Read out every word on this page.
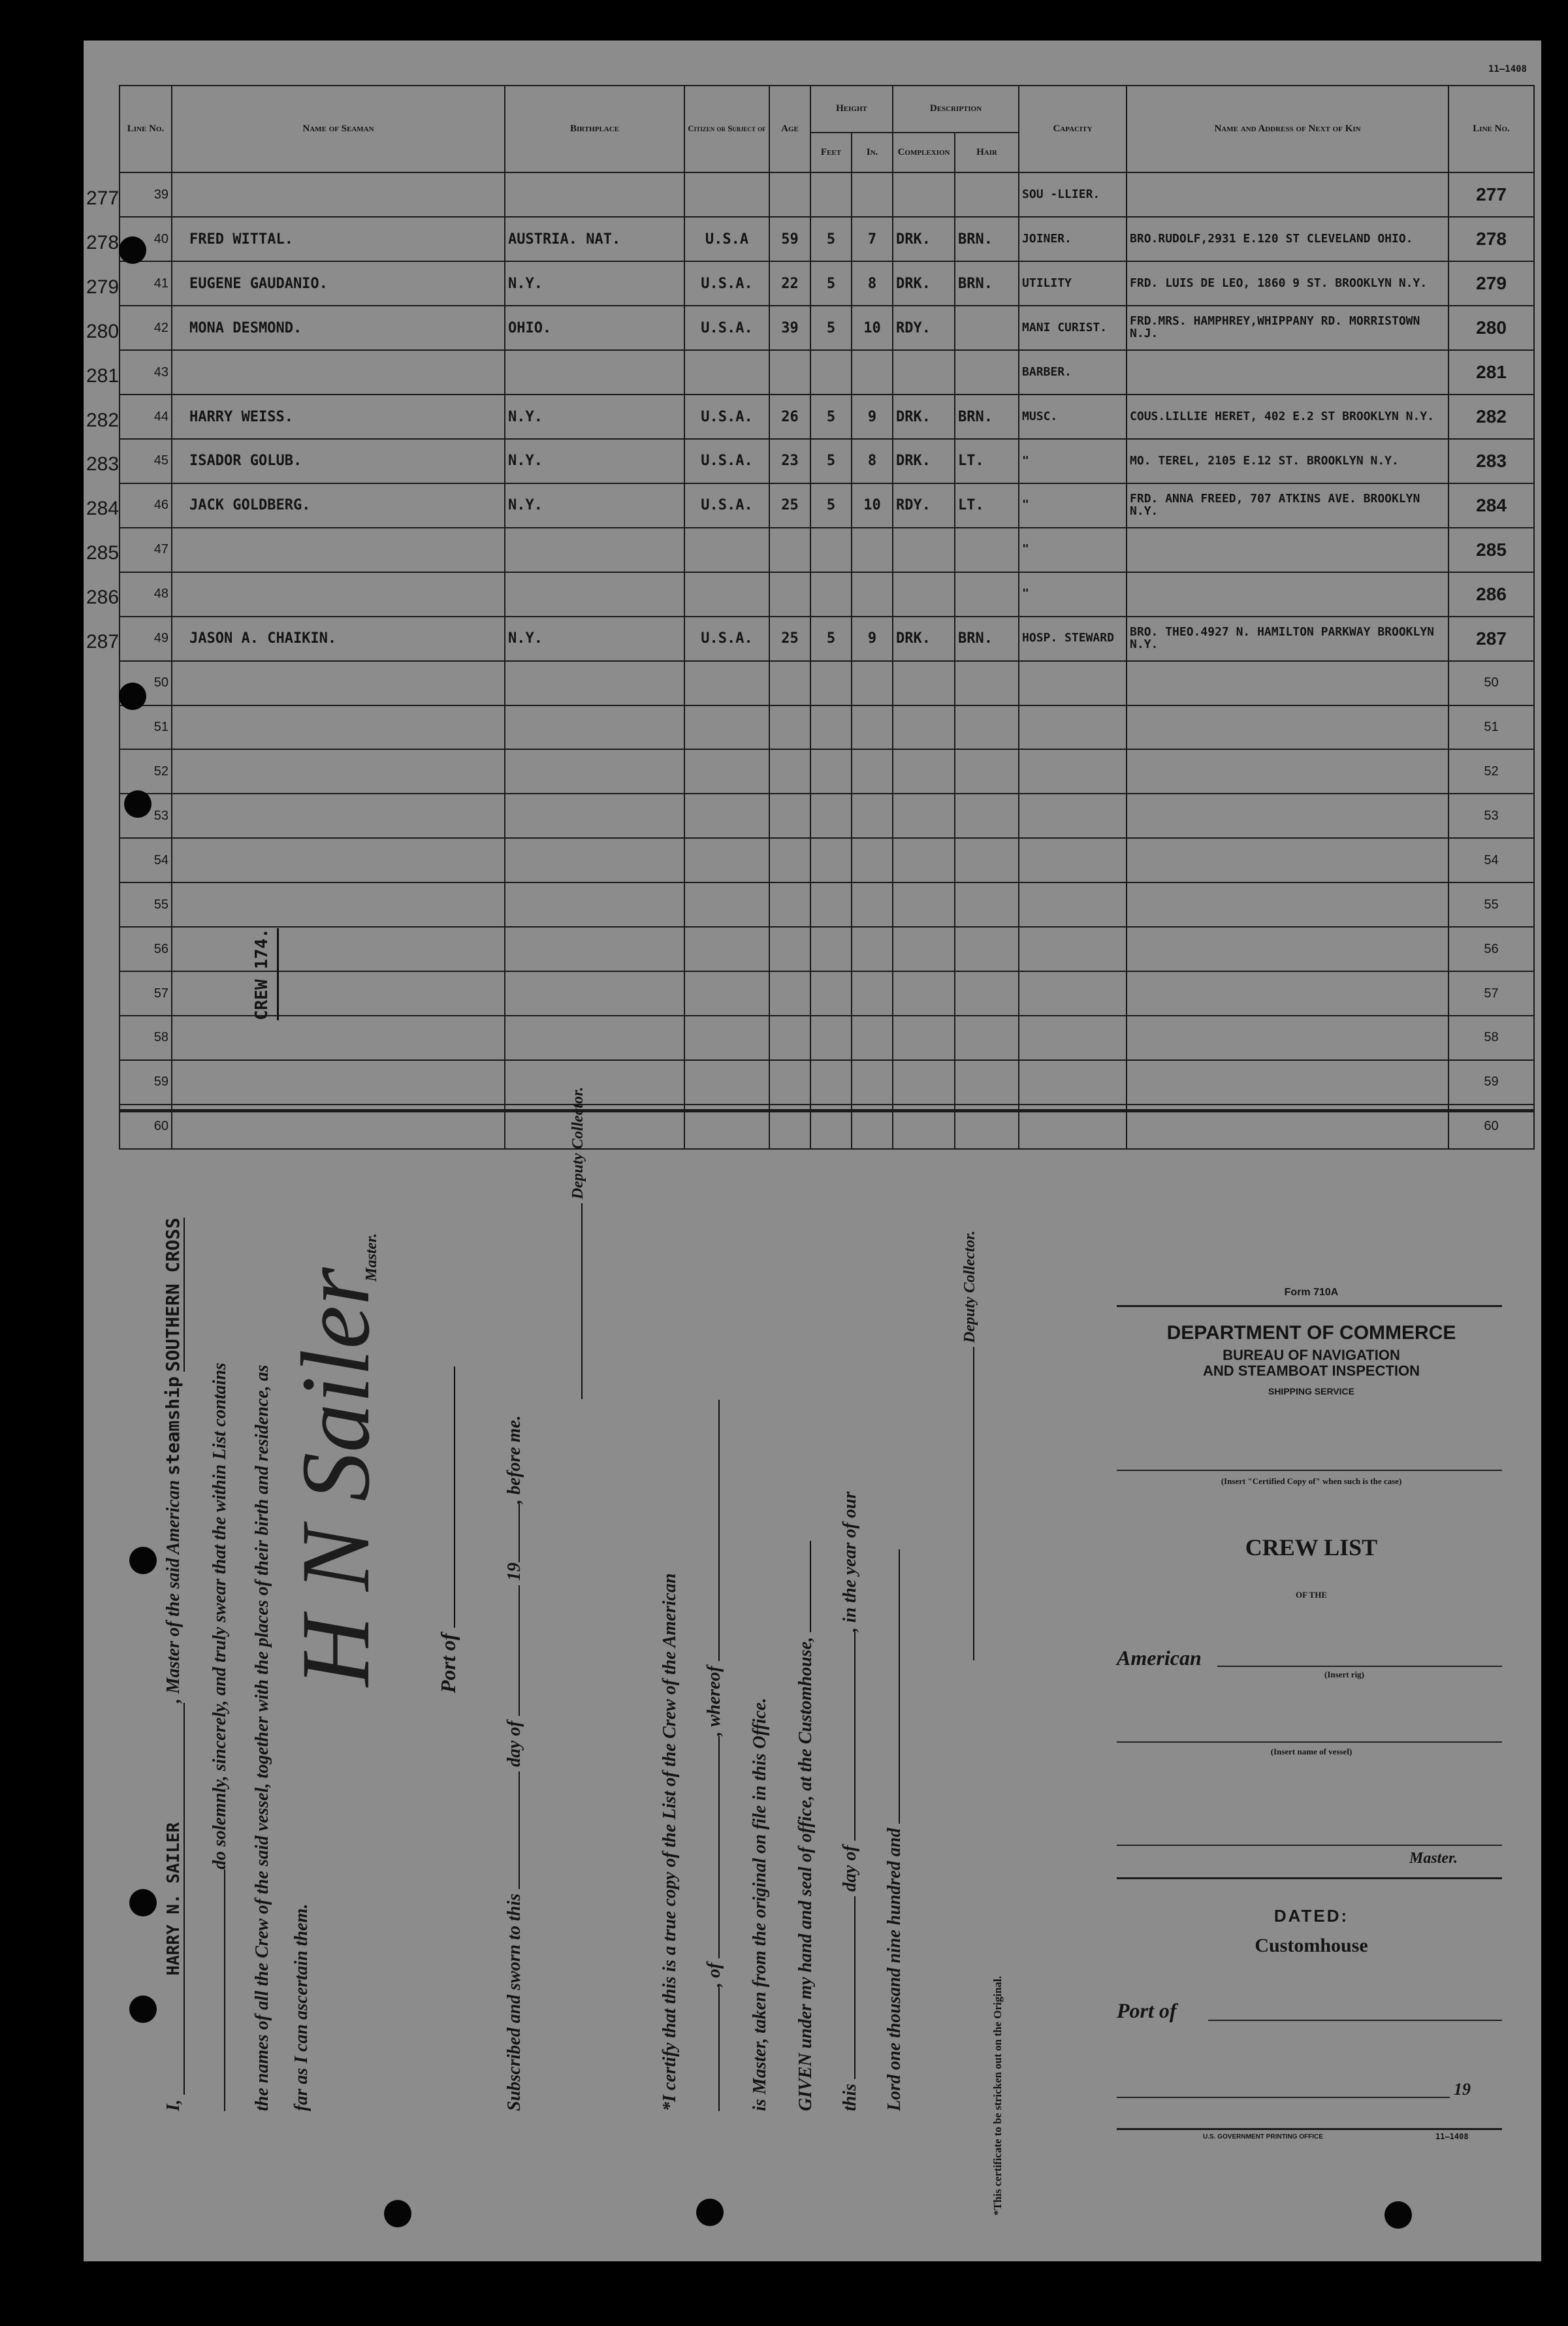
11—1408
Line No.	Name of Seaman	Birthplace	Citizen or Subject of	Age	Height		Description		Capacity	Name and Address of Next of Kin	Line No.
					Feet	In.	Complexion	Hair			

277 39									SOU -LLIER.		277

278 40	FRED WITTAL.	AUSTRIA. NAT.	U.S.A	59	5	7	DRK.	BRN.	JOINER.	BRO.RUDOLF,2931 E.120 ST CLEVELAND OHIO.	278

279 41	EUGENE GAUDANIO.	N.Y.	U.S.A.	22	5	8	DRK.	BRN.	UTILITY	FRD. LUIS DE LEO, 1860 9 ST. BROOKLYN N.Y.	279

280 42	MONA DESMOND.	OHIO.	U.S.A.	39	5	10	RDY.		MANI CURIST.	FRD.MRS. HAMPHREY,WHIPPANY RD. MORRISTOWN N.J.	280

281 43									BARBER.		281

282 44	HARRY WEISS.	N.Y.	U.S.A.	26	5	9	DRK.	BRN.	MUSC.	COUS.LILLIE HERET, 402 E.2 ST BROOKLYN N.Y.	282

283 45	ISADOR GOLUB.	N.Y.	U.S.A.	23	5	8	DRK.	LT.	"	MO. TEREL, 2105 E.12 ST. BROOKLYN N.Y.	283

284 46	JACK GOLDBERG.	N.Y.	U.S.A.	25	5	10	RDY.	LT.	"	FRD. ANNA FREED, 707 ATKINS AVE. BROOKLYN N.Y.	284

285 47									"		285

286 48									"		286

287 49	JASON A. CHAIKIN.	N.Y.	U.S.A.	25	5	9	DRK.	BRN.	HOSP. STEWARD	BRO. THEO.4927 N. HAMILTON PARKWAY BROOKLYN N.Y.	287
50											50
51											51
52											52
53											53
54											54
55											55
56											56
57											57
58											58
59											59
60											60
CREW 174.
I, HARRY N. SAILER, Master of the said American steamship SOUTHERN CROSS
do solemnly, sincerely, and truly swear that the within List contains the names of all the Crew of the said vessel, together with the places of their birth and residence, as far as I can ascertain them.
H N Sailer
Master.
Port of
Subscribed and sworn to this  day of  19, before me.
Deputy Collector.
*I certify that this is a true copy of the List of the Crew of the American , of , whereof is Master, taken from the original on file in this Office. GIVEN under my hand and seal of office, at the Customhouse, this  day of , in the year of our
Lord one thousand nine hundred and
Deputy Collector.
*This certificate to be stricken out on the Original.
Form 710A
DEPARTMENT OF COMMERCE
BUREAU OF NAVIGATION
AND STEAMBOAT INSPECTION
SHIPPING SERVICE
(Insert "Certified Copy of" when such is the case)
CREW LIST
OF THE
American
(Insert rig)
(Insert name of vessel)
Master.
DATED:
Customhouse
Port of
19
U.S. GOVERNMENT PRINTING OFFICE	11—1408
